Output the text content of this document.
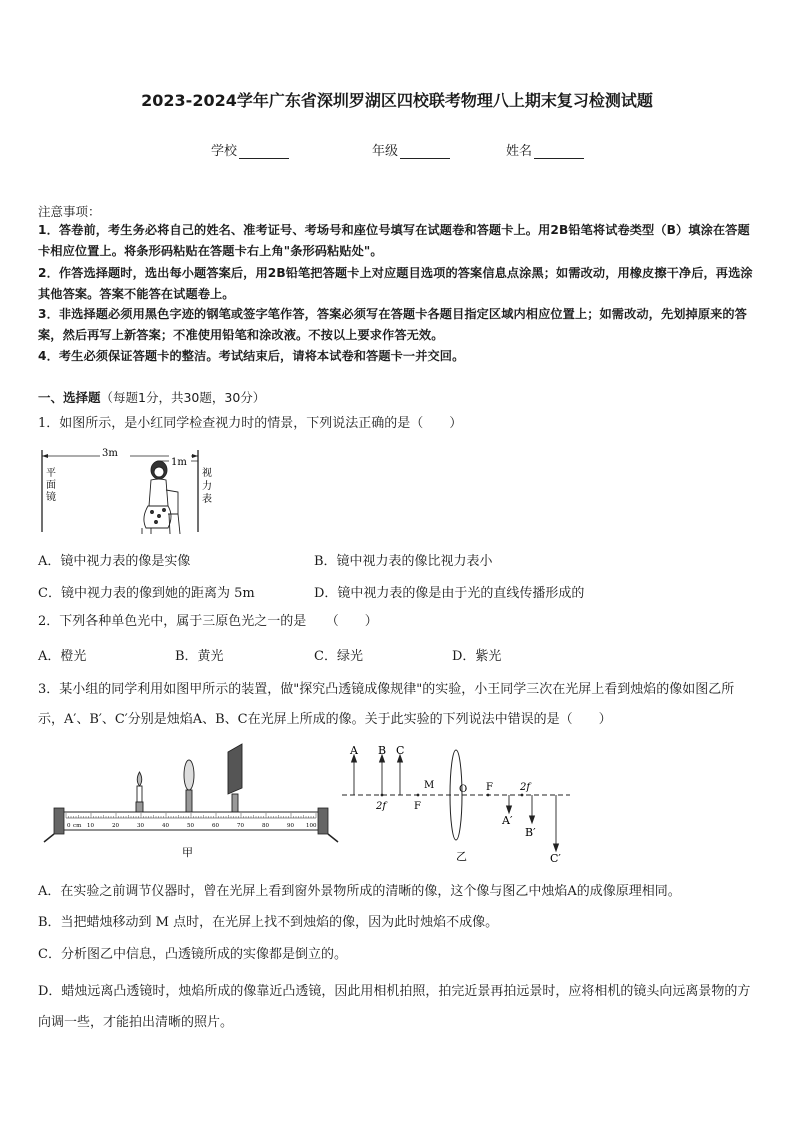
2023-2024学年广东省深圳罗湖区四校联考物理八上期末复习检测试题
学校	年级	姓名
注意事项：
1．答卷前，考生务必将自己的姓名、准考证号、考场号和座位号填写在试题卷和答题卡上。用2B铅笔将试卷类型（B）填涂在答题卡相应位置上。将条形码粘贴在答题卡右上角"条形码粘贴处"。
2．作答选择题时，选出每小题答案后，用2B铅笔把答题卡上对应题目选项的答案信息点涂黑；如需改动，用橡皮擦干净后，再选涂其他答案。答案不能答在试题卷上。
3．非选择题必须用黑色字迹的钢笔或签字笔作答，答案必须写在答题卡各题目指定区域内相应位置上；如需改动，先划掉原来的答案，然后再写上新答案；不准使用铅笔和涂改液。不按以上要求作答无效。
4．考生必须保证答题卡的整洁。考试结束后，请将本试卷和答题卡一并交回。
一、选择题（每题1分，共30题，30分）
1．如图所示，是小红同学检查视力时的情景，下列说法正确的是（　　）
3m
1m
平
面
镜
视
力
表
A．镜中视力表的像是实像	B．镜中视力表的像比视力表小
C．镜中视力表的像到她的距离为 5m	D．镜中视力表的像是由于光的直线传播形成的
2．下列各种单色光中，属于三原色光之一的是　　（　　）
A．橙光	B．黄光	C．绿光	D．紫光
3．某小组的同学利用如图甲所示的装置，做"探究凸透镜成像规律"的实验，小王同学三次在光屏上看到烛焰的像如图乙所示，A′、B′、C′分别是烛焰A、B、C在光屏上所成的像。关于此实验的下列说法中错误的是（　　）
0 cm 10	20	30	40	50	60	70	80	90 100
甲
A B C
M O
F
F
2f
2f
A′
B′
C′
乙
A．在实验之前调节仪器时，曾在光屏上看到窗外景物所成的清晰的像，这个像与图乙中烛焰A的成像原理相同。
B．当把蜡烛移动到 M 点时，在光屏上找不到烛焰的像，因为此时烛焰不成像。
C．分析图乙中信息，凸透镜所成的实像都是倒立的。
D．蜡烛远离凸透镜时，烛焰所成的像靠近凸透镜，因此用相机拍照，拍完近景再拍远景时，应将相机的镜头向远离景物的方向调一些，才能拍出清晰的照片。
